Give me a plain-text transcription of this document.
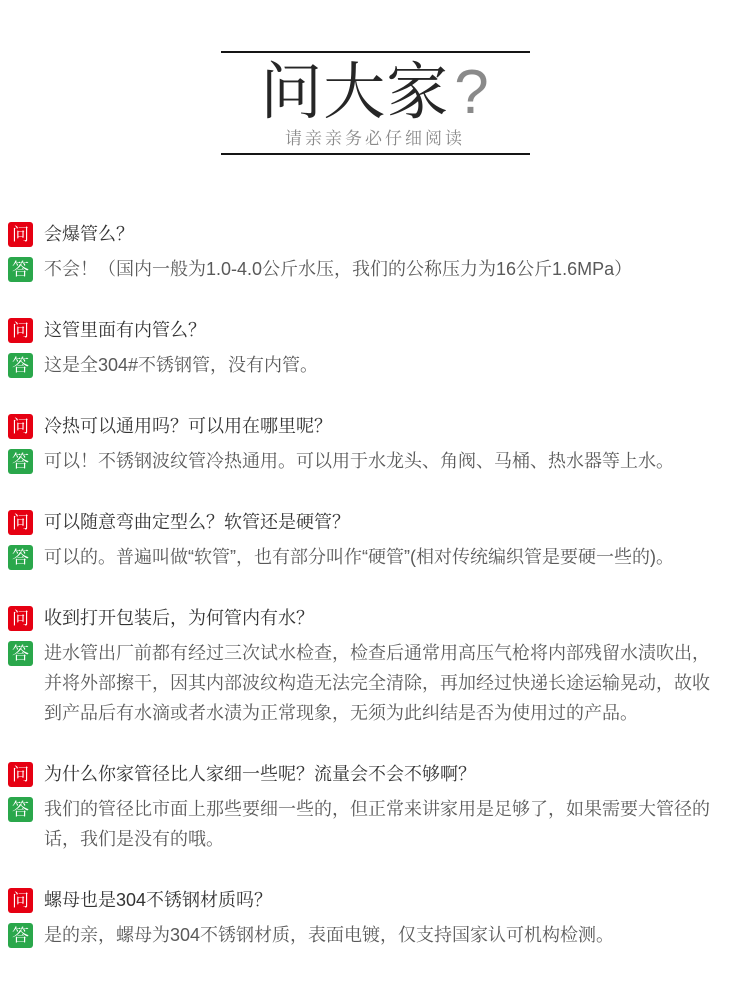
问大家?
请亲亲务必仔细阅读
问 会爆管么？

答 不会！（国内一般为1.0-4.0公斤水压，我们的公称压力为16公斤1.6MPa）

问 这管里面有内管么？

答 这是全304#不锈钢管，没有内管。

问 冷热可以通用吗？可以用在哪里呢？

答 可以！不锈钢波纹管冷热通用。可以用于水龙头、角阀、马桶、热水器等上水。

问 可以随意弯曲定型么？软管还是硬管？

答 可以的。普遍叫做“软管”，也有部分叫作“硬管”(相对传统编织管是要硬一些的)。

问 收到打开包装后，为何管内有水？

答 进水管出厂前都有经过三次试水检查，检查后通常用高压气枪将内部残留水渍吹出，并将外部擦干，因其内部波纹构造无法完全清除，再加经过快递长途运输晃动，故收到产品后有水滴或者水渍为正常现象，无须为此纠结是否为使用过的产品。

问 为什么你家管径比人家细一些呢？流量会不会不够啊？

答 我们的管径比市面上那些要细一些的，但正常来讲家用是足够了，如果需要大管径的话，我们是没有的哦。

问 螺母也是304不锈钢材质吗？

答 是的亲，螺母为304不锈钢材质，表面电镀，仅支持国家认可机构检测。
